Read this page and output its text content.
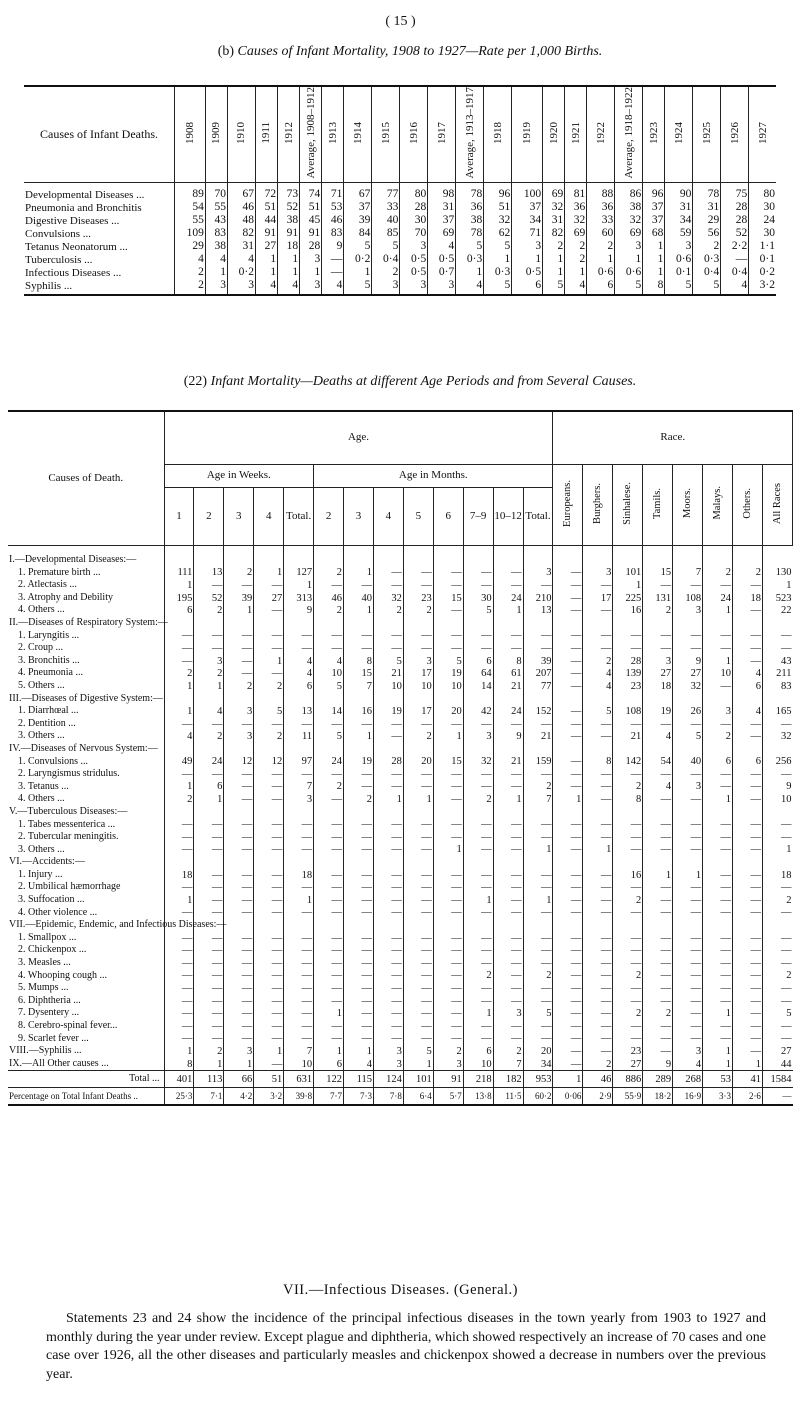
( 15 )
(b) Causes of Infant Mortality, 1908 to 1927—Rate per 1,000 Births.
Causes of Infant Deaths.	1908	1909	1910	1911	1912	Average, 1908–1912	1913	1914	1915	1916	1917	Average, 1913–1917	1918	1919	1920	1921	1922	Average, 1918–1922	1923	1924	1925	1926	1927
Developmental Diseases ...	89	70	67	72	73	74	71	67	77	80	98	78	96	100	69	81	88	86	96	90	78	75	80
Pneumonia and Bronchitis	54	55	46	51	52	51	53	37	33	28	31	36	51	37	32	36	36	38	37	31	31	28	30
Digestive Diseases ...	55	43	48	44	38	45	46	39	40	30	37	38	32	34	31	32	33	32	37	34	29	28	24
Convulsions ...	109	83	82	91	91	91	83	84	85	70	69	78	62	71	82	69	60	69	68	59	56	52	30
Tetanus Neonatorum ...	29	38	31	27	18	28	9	5	5	3	4	5	5	3	2	2	2	3	1	3	2	2·2	1·1
Tuberculosis ...	4	4	4	1	1	3	—	0·2	0·4	0·5	0·5	0·3	1	1	1	2	1	1	1	0·6	0·3	—	0·1
Infectious Diseases ...	2	1	0·2	1	1	1	—	1	2	0·5	0·7	1	0·3	0·5	1	1	0·6	0·6	1	0·1	0·4	0·4	0·2
Syphilis ...	2	3	3	4	4	3	4	5	3	3	3	4	5	6	5	4	6	5	8	5	5	4	3·2
(22) Infant Mortality—Deaths at different Age Periods and from Several Causes.
Causes of Death.	Age.													Race.							
	Age in Weeks.					Age in Months.								Europeans.	Burghers.	Sinhalese.	Tamils.	Moors.	Malays.	Others.	All Races
	1	2	3	4	Total.	2	3	4	5	6	7–9	10–12	Total.								

I.—Developmental Diseases:—																					
1. Premature birth ...	111	13	2	1	127	2	1	—	—	—	—	—	3	—	3	101	15	7	2	2	130
2. Atlectasis ...	1	—	—	—	1	—	—	—	—	—	—	—	—	—	—	1	—	—	—	—	1
3. Atrophy and Debility	195	52	39	27	313	46	40	32	23	15	30	24	210	—	17	225	131	108	24	18	523
4. Others ...	6	2	1	—	9	2	1	2	2	—	5	1	13	—	—	16	2	3	1	—	22
II.—Diseases of Respiratory System:—																					
1. Laryngitis ...	—	—	—	—	—	—	—	—	—	—	—	—	—	—	—	—	—	—	—	—	—
2. Croup ...	—	—	—	—	—	—	—	—	—	—	—	—	—	—	—	—	—	—	—	—	—
3. Bronchitis ...	—	3	—	1	4	4	8	5	3	5	6	8	39	—	2	28	3	9	1	—	43
4. Pneumonia ...	2	2	—	—	4	10	15	21	17	19	64	61	207	—	4	139	27	27	10	4	211
5. Others ...	1	1	2	2	6	5	7	10	10	10	14	21	77	—	4	23	18	32	—	6	83
III.—Diseases of Digestive System:—																					
1. Diarrhœal ...	1	4	3	5	13	14	16	19	17	20	42	24	152	—	5	108	19	26	3	4	165
2. Dentition ...	—	—	—	—	—	—	—	—	—	—	—	—	—	—	—	—	—	—	—	—	—
3. Others ...	4	2	3	2	11	5	1	—	2	1	3	9	21	—	—	21	4	5	2	—	32
IV.—Diseases of Nervous System:—																					
1. Convulsions ...	49	24	12	12	97	24	19	28	20	15	32	21	159	—	8	142	54	40	6	6	256
2. Laryngismus stridulus.	—	—	—	—	—	—	—	—	—	—	—	—	—	—	—	—	—	—	—	—	—
3. Tetanus ...	1	6	—	—	7	2	—	—	—	—	—	—	2	—	—	2	4	3	—	—	9
4. Others ...	2	1	—	—	3	—	2	1	1	—	2	1	7	1	—	8	—	—	1	—	10
V.—Tuberculous Diseases:—																					
1. Tabes messenterica ...	—	—	—	—	—	—	—	—	—	—	—	—	—	—	—	—	—	—	—	—	—
2. Tubercular meningitis.	—	—	—	—	—	—	—	—	—	—	—	—	—	—	—	—	—	—	—	—	—
3. Others ...	—	—	—	—	—	—	—	—	—	1	—	—	1	—	1	—	—	—	—	—	1
VI.—Accidents:—																					
1. Injury ...	18	—	—	—	18	—	—	—	—	—	—	—	—	—	—	16	1	1	—	—	18
2. Umbilical hæmorrhage	—	—	—	—	—	—	—	—	—	—	—	—	—	—	—	—	—	—	—	—	—
3. Suffocation ...	1	—	—	—	1	—	—	—	—	—	1	—	1	—	—	2	—	—	—	—	2
4. Other violence ...	—	—	—	—	—	—	—	—	—	—	—	—	—	—	—	—	—	—	—	—	—
VII.—Epidemic, Endemic, and Infectious Diseases:—																					
1. Smallpox ...	—	—	—	—	—	—	—	—	—	—	—	—	—	—	—	—	—	—	—	—	—
2. Chickenpox ...	—	—	—	—	—	—	—	—	—	—	—	—	—	—	—	—	—	—	—	—	—
3. Measles ...	—	—	—	—	—	—	—	—	—	—	—	—	—	—	—	—	—	—	—	—	—
4. Whooping cough ...	—	—	—	—	—	—	—	—	—	—	2	—	2	—	—	2	—	—	—	—	2
5. Mumps ...	—	—	—	—	—	—	—	—	—	—	—	—	—	—	—	—	—	—	—	—	—
6. Diphtheria ...	—	—	—	—	—	—	—	—	—	—	—	—	—	—	—	—	—	—	—	—	—
7. Dysentery ...	—	—	—	—	—	1	—	—	—	—	1	3	5	—	—	2	2	—	1	—	5
8. Cerebro-spinal fever...	—	—	—	—	—	—	—	—	—	—	—	—	—	—	—	—	—	—	—	—	—
9. Scarlet fever ...	—	—	—	—	—	—	—	—	—	—	—	—	—	—	—	—	—	—	—	—	—
VIII.—Syphilis ...	1	2	3	1	7	1	1	3	5	2	6	2	20	—	—	23	—	3	1	—	27
IX.—All Other causes ...	8	1	1	—	10	6	4	3	1	3	10	7	34	—	2	27	9	4	1	1	44
Total ...	401	113	66	51	631	122	115	124	101	91	218	182	953	1	46	886	289	268	53	41	1584
Percentage on Total Infant Deaths ..	25·3	7·1	4·2	3·2	39·8	7·7	7·3	7·8	6·4	5·7	13·8	11·5	60·2	0·06	2·9	55·9	18·2	16·9	3·3	2·6	—
VII.—Infectious Diseases. (General.)
Statements 23 and 24 show the incidence of the principal infectious diseases in the town yearly from 1903 to 1927 and monthly during the year under review. Except plague and diphtheria, which showed respectively an increase of 70 cases and one case over 1926, all the other diseases and particularly measles and chickenpox showed a decrease in numbers over the previous year.
